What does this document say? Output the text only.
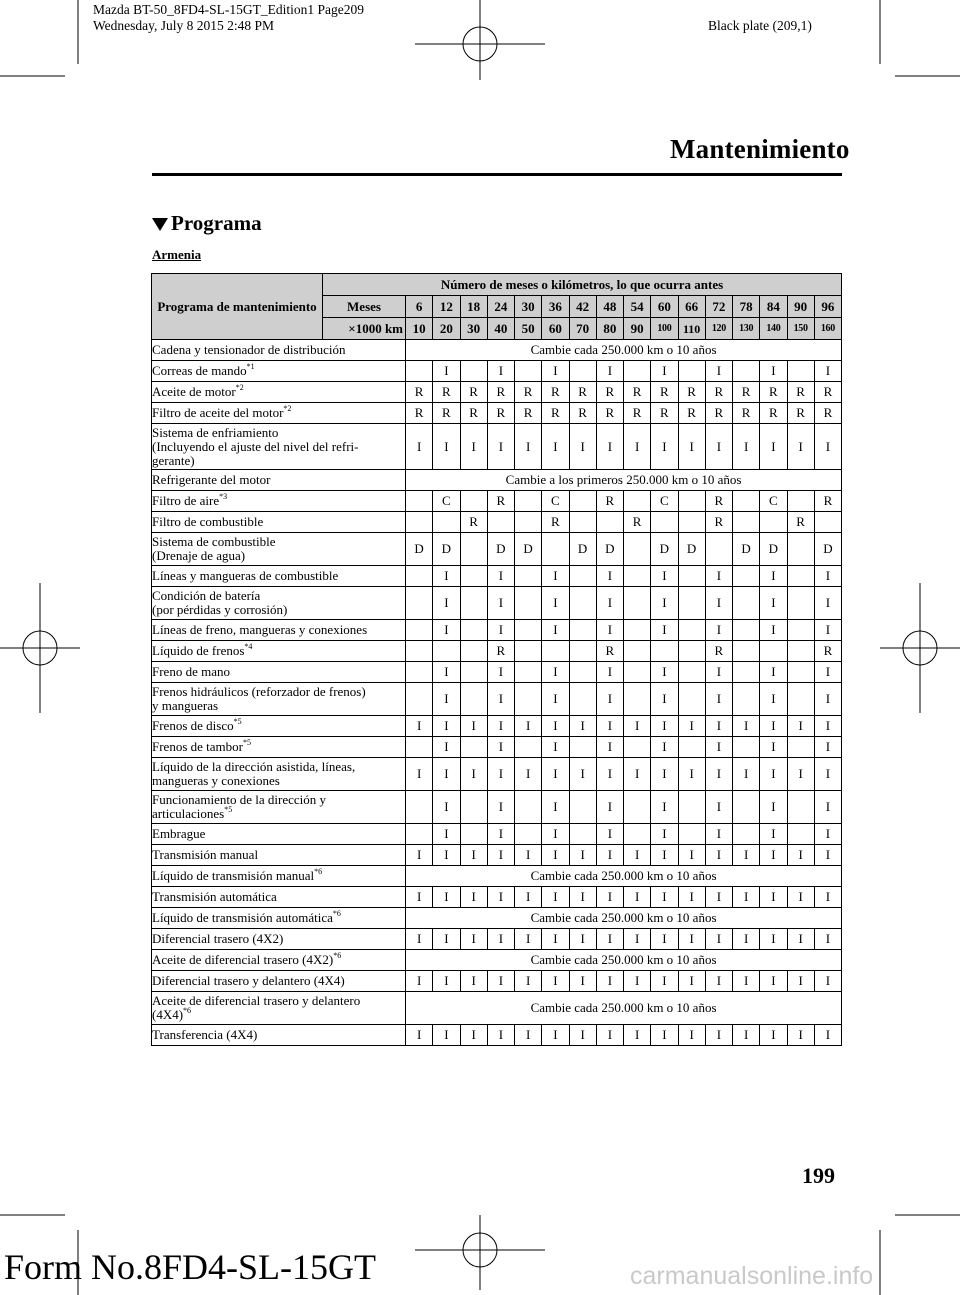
Mazda BT-50_8FD4-SL-15GT_Edition1 Page209
Wednesday, July 8 2015 2:48 PM	Black plate (209,1)
Mantenimiento
Programa
Armenia
Programa de mantenimiento	Número de meses o kilómetros, lo que ocurra antes																
	Meses	6	12	18	24	30	36	42	48	54	60	66	72	78	84	90	96
	×1000 km	10	20	30	40	50	60	70	80	90	100	110	120	130	140	150	160
Cadena y tensionador de distribución		Cambie cada 250.000 km o 10 años															
Correas de mando$^{*1}$			I		I		I		I		I		I		I		I
Aceite de motor$^{*2}$		R	R	R	R	R	R	R	R	R	R	R	R	R	R	R	R
Filtro de aceite del motor$^{*2}$		R	R	R	R	R	R	R	R	R	R	R	R	R	R	R	R
Sistema de enfriamiento
(Incluyendo el ajuste del nivel del refri-
gerante)		I	I	I	I	I	I	I	I	I	I	I	I	I	I	I	I
Refrigerante del motor		Cambie a los primeros 250.000 km o 10 años															
Filtro de aire$^{*3}$			C		R		C		R		C		R		C		R
Filtro de combustible				R			R			R			R			R	
Sistema de combustible
(Drenaje de agua)		D	D		D	D		D	D		D	D		D	D		D
Líneas y mangueras de combustible			I		I		I		I		I		I		I		I
Condición de batería
(por pérdidas y corrosión)			I		I		I		I		I		I		I		I
Líneas de freno, mangueras y conexiones			I		I		I		I		I		I		I		I
Líquido de frenos$^{*4}$					R				R				R				R
Freno de mano			I		I		I		I		I		I		I		I
Frenos hidráulicos (reforzador de frenos)
y mangueras			I		I		I		I		I		I		I		I
Frenos de disco$^{*5}$		I	I	I	I	I	I	I	I	I	I	I	I	I	I	I	I
Frenos de tambor$^{*5}$			I		I		I		I		I		I		I		I
Líquido de la dirección asistida, líneas,
mangueras y conexiones		I	I	I	I	I	I	I	I	I	I	I	I	I	I	I	I
Funcionamiento de la dirección y
articulaciones$^{*5}$			I		I		I		I		I		I		I		I
Embrague			I		I		I		I		I		I		I		I
Transmisión manual		I	I	I	I	I	I	I	I	I	I	I	I	I	I	I	I
Líquido de transmisión manual$^{*6}$		Cambie cada 250.000 km o 10 años															
Transmisión automática		I	I	I	I	I	I	I	I	I	I	I	I	I	I	I	I
Líquido de transmisión automática$^{*6}$		Cambie cada 250.000 km o 10 años															
Diferencial trasero (4X2)		I	I	I	I	I	I	I	I	I	I	I	I	I	I	I	I
Aceite de diferencial trasero $(4X2)^{*6}$		Cambie cada 250.000 km o 10 años															
Diferencial trasero y delantero (4X4)		I	I	I	I	I	I	I	I	I	I	I	I	I	I	I	I
Aceite de diferencial trasero y delantero
$(4X4)^{*6}$		Cambie cada 250.000 km o 10 años															
Transferencia (4X4)		I	I	I	I	I	I	I	I	I	I	I	I	I	I	I	I
199
Form No.8FD4-SL-15GT	carmanualsonline.info
